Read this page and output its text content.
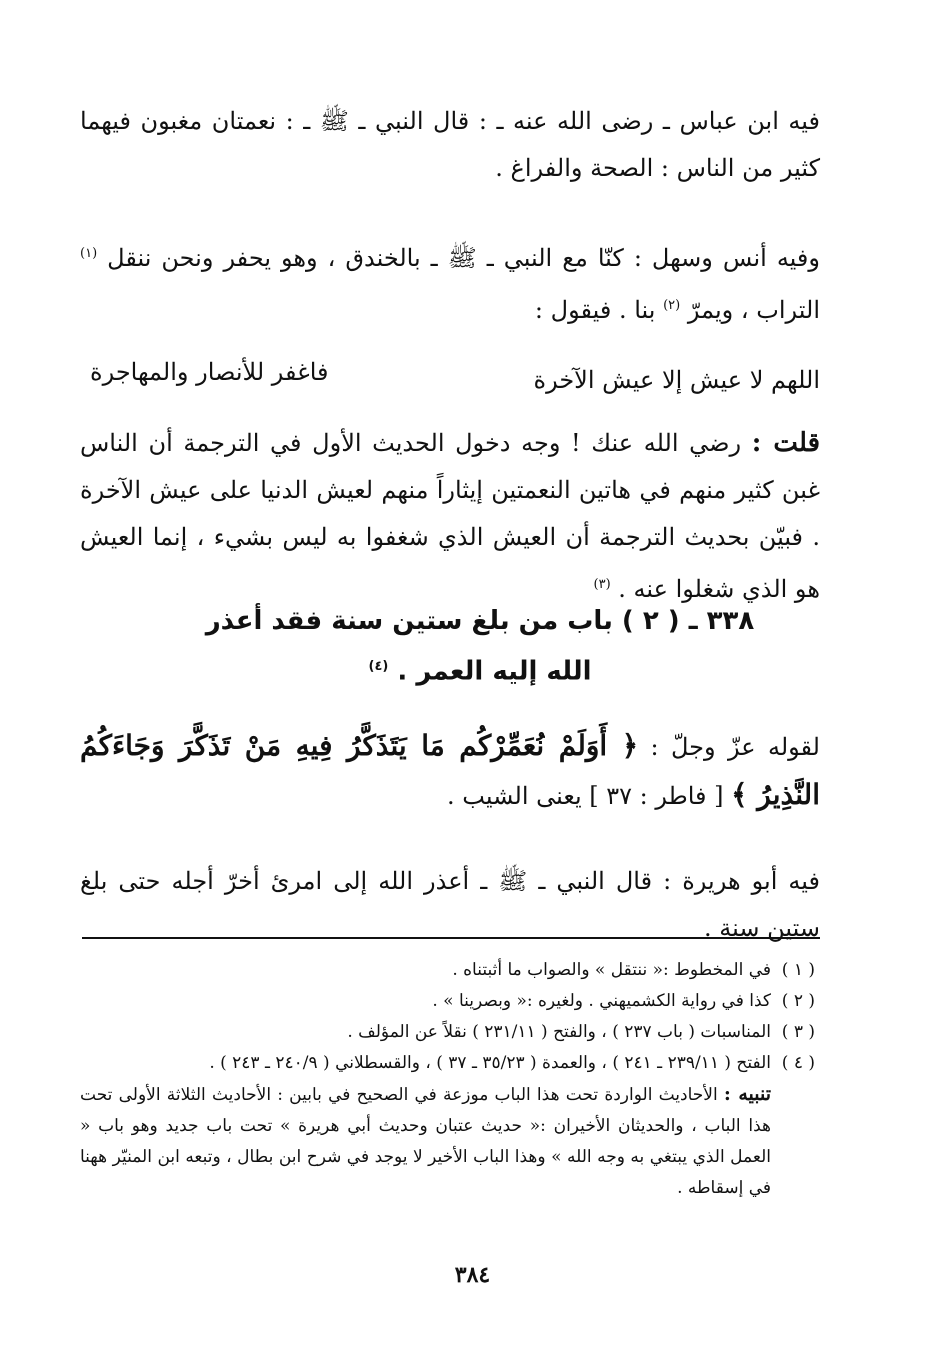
فيه ابن عباس ـ رضى الله عنه ـ : قال النبي ـ ﷺ ـ : نعمتان مغبون فيهما كثير من الناس : الصحة والفراغ .
وفيه أنس وسهل : كنّا مع النبي ـ ﷺ ـ بالخندق ، وهو يحفر ونحن ننقل $^{(١)}$ التراب ، ويمرّ $^{(٢)}$ بنا . فيقول :
اللهم لا عيش إلا عيش الآخرة
فاغفر للأنصار والمهاجرة
قلت : رضي الله عنك ! وجه دخول الحديث الأول في الترجمة أن الناس غبن كثير منهم في هاتين النعمتين إيثاراً منهم لعيش الدنيا على عيش الآخرة . فبيّن بحديث الترجمة أن العيش الذي شغفوا به ليس بشيء ، إنما العيش هو الذي شغلوا عنه . $^{(٣)}$
٣٣٨ ـ ( ٢ ) باب من بلغ ستين سنة فقد أعذر
الله إليه العمر . $^{(٤)}$
لقوله عزّ وجلّ : ﴿ أَوَلَمْ نُعَمِّرْكُم مَا يَتَذَكَّرُ فِيهِ مَنْ تَذَكَّرَ وَجَاءَكُمُ النَّذِيرُ ﴾ [ فاطر : ٣٧ ] يعنى الشيب .
فيه أبو هريرة : قال النبي ـ ﷺ ـ أعذر الله إلى امرئ أخرّ أجله حتى بلغ ستين سنة .
( ١ )في المخطوط :« ننتقل » والصواب ما أثبتناه .
( ٢ )كذا في رواية الكشميهني . ولغيره :« وبصرينا » .
( ٣ )المناسبات ( باب ٢٣٧ ) ، والفتح ( ٢٣١/١١ ) نقلاً عن المؤلف .
( ٤ )الفتح ( ٢٣٩/١١ ـ ٢٤١ ) ، والعمدة ( ٣٥/٢٣ ـ ٣٧ ) ، والقسطلاني ( ٢٤٠/٩ ـ ٢٤٣ ) .
تنبيه : الأحاديث الواردة تحت هذا الباب موزعة في الصحيح في بابين : الأحاديث الثلاثة الأولى تحت هذا الباب ، والحديثان الأخيران :« حديث عتبان وحديث أبي هريرة » تحت باب جديد وهو باب « العمل الذي يبتغي به وجه الله » وهذا الباب الأخير لا يوجد في شرح ابن بطال ، وتبعه ابن المنيّر ههنا في إسقاطه .
٣٨٤
